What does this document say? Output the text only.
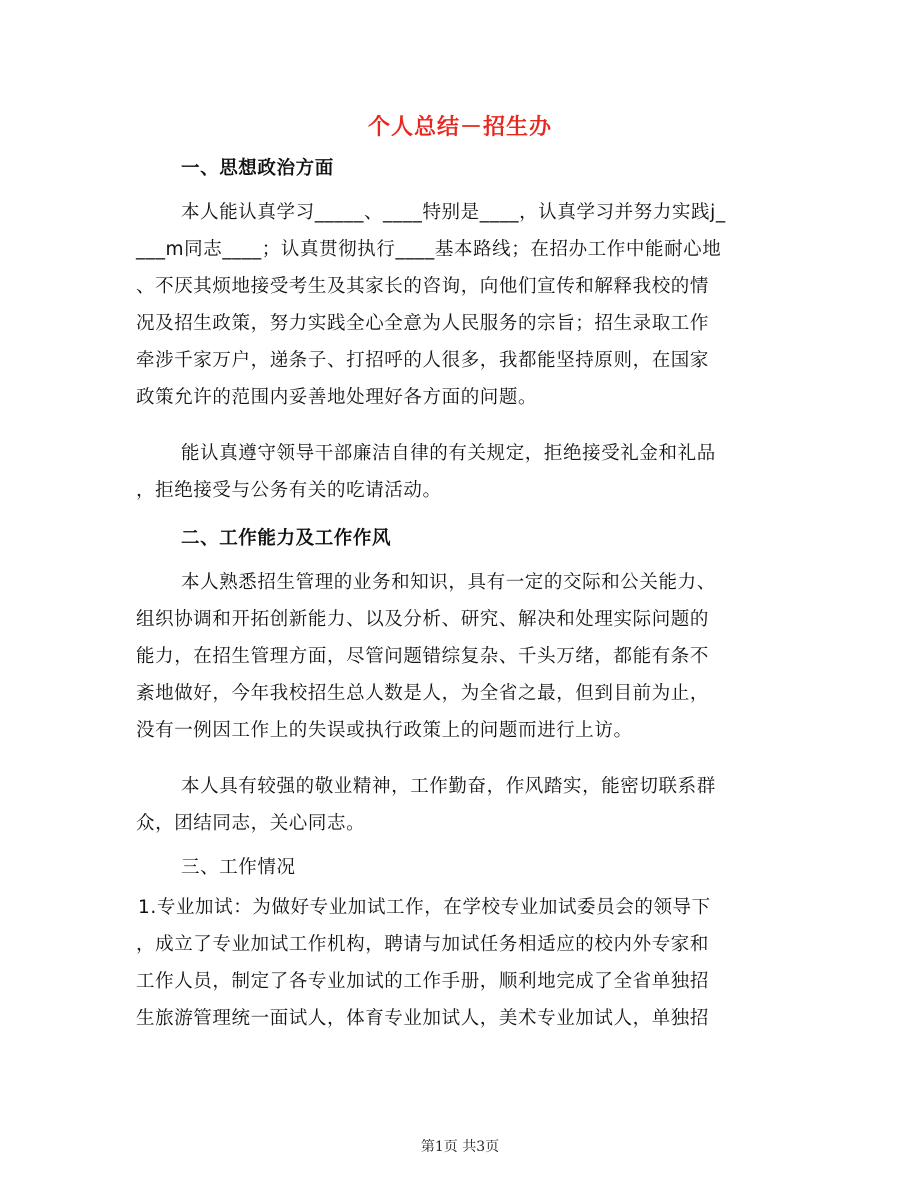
个人总结－招生办
一、思想政治方面
本人能认真学习_____、____特别是____，认真学习并努力实践j_
___m同志____；认真贯彻执行____基本路线；在招办工作中能耐心地
、不厌其烦地接受考生及其家长的咨询，向他们宣传和解释我校的情
况及招生政策，努力实践全心全意为人民服务的宗旨；招生录取工作
牵涉千家万户，递条子、打招呼的人很多，我都能坚持原则，在国家
政策允许的范围内妥善地处理好各方面的问题。
能认真遵守领导干部廉洁自律的有关规定，拒绝接受礼金和礼品
，拒绝接受与公务有关的吃请活动。
二、工作能力及工作作风
本人熟悉招生管理的业务和知识，具有一定的交际和公关能力、
组织协调和开拓创新能力、以及分析、研究、解决和处理实际问题的
能力，在招生管理方面，尽管问题错综复杂、千头万绪，都能有条不
紊地做好，今年我校招生总人数是人，为全省之最，但到目前为止，
没有一例因工作上的失误或执行政策上的问题而进行上访。
本人具有较强的敬业精神，工作勤奋，作风踏实，能密切联系群
众，团结同志，关心同志。
三、工作情况
1.专业加试：为做好专业加试工作，在学校专业加试委员会的领导下
，成立了专业加试工作机构，聘请与加试任务相适应的校内外专家和
工作人员，制定了各专业加试的工作手册，顺利地完成了全省单独招
生旅游管理统一面试人，体育专业加试人，美术专业加试人，单独招
第1页 共3页
